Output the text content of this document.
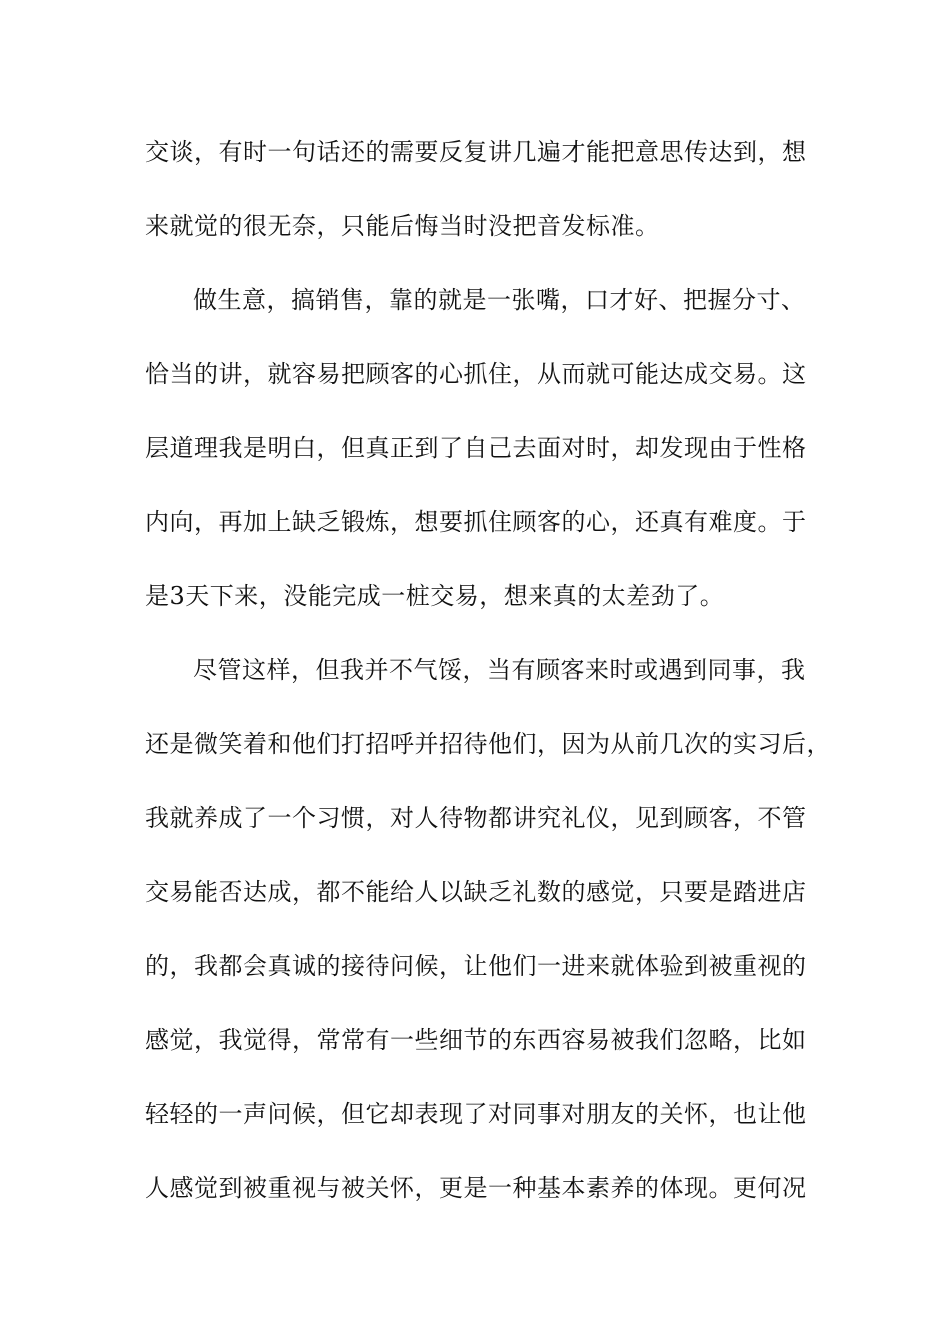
交谈，有时一句话还的需要反复讲几遍才能把意思传达到，想
来就觉的很无奈，只能后悔当时没把音发标准。
做生意，搞销售，靠的就是一张嘴，口才好、把握分寸、
恰当的讲，就容易把顾客的心抓住，从而就可能达成交易。这
层道理我是明白，但真正到了自己去面对时，却发现由于性格
内向，再加上缺乏锻炼，想要抓住顾客的心，还真有难度。于
是3天下来，没能完成一桩交易，想来真的太差劲了。
尽管这样，但我并不气馁，当有顾客来时或遇到同事，我
还是微笑着和他们打招呼并招待他们，因为从前几次的实习后，
我就养成了一个习惯，对人待物都讲究礼仪，见到顾客，不管
交易能否达成，都不能给人以缺乏礼数的感觉，只要是踏进店
的，我都会真诚的接待问候，让他们一进来就体验到被重视的
感觉，我觉得，常常有一些细节的东西容易被我们忽略，比如
轻轻的一声问候，但它却表现了对同事对朋友的关怀，也让他
人感觉到被重视与被关怀，更是一种基本素养的体现。更何况
